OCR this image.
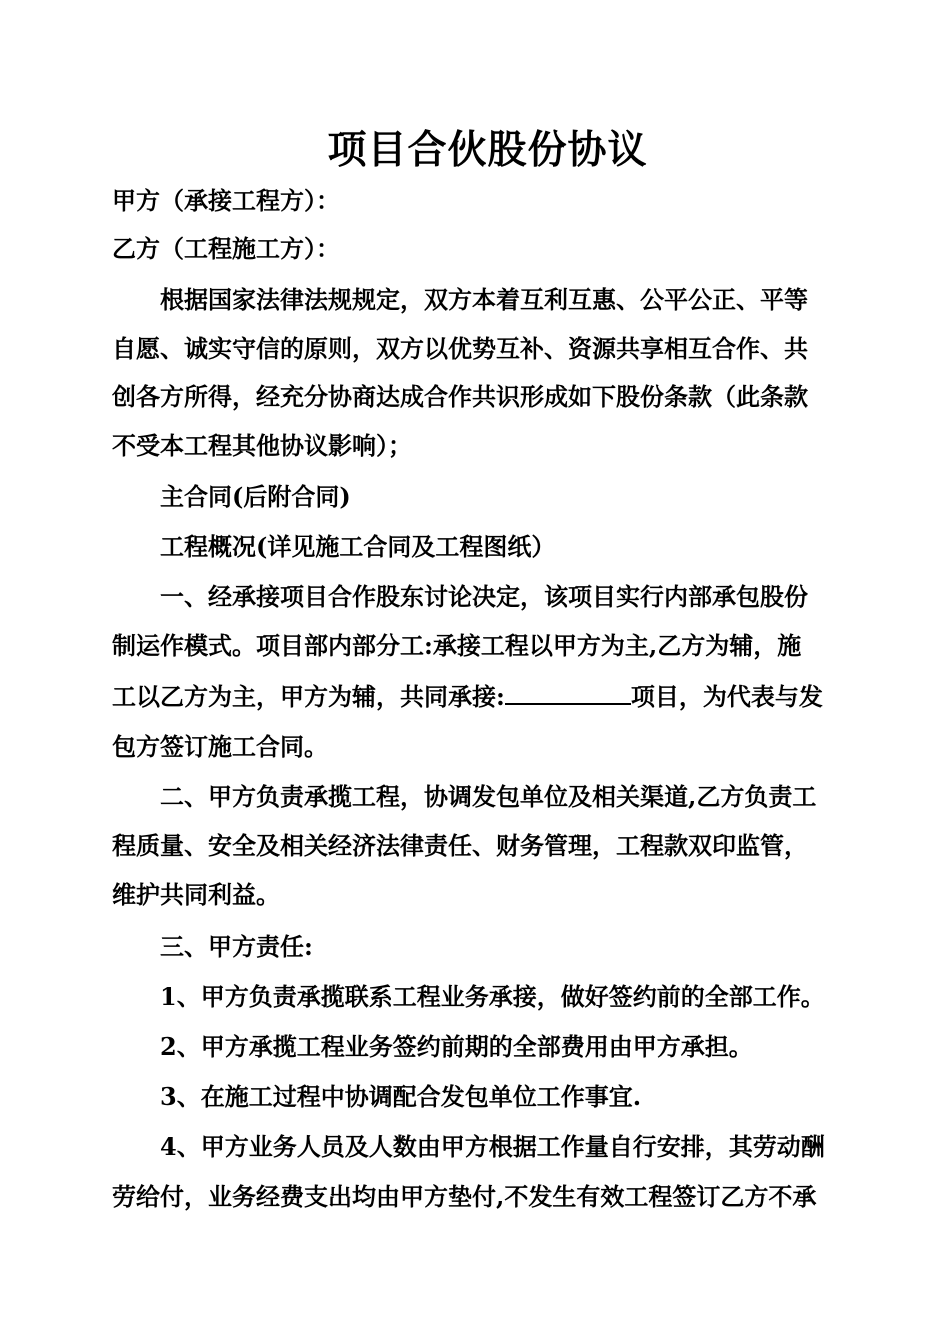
项目合伙股份协议
甲方（承接工程方）：
乙方（工程施工方）：
根据国家法律法规规定，双方本着互利互惠、公平公正、平等
自愿、诚实守信的原则，双方以优势互补、资源共享相互合作、共
创各方所得，经充分协商达成合作共识形成如下股份条款（此条款
不受本工程其他协议影响）；
主合同(后附合同)
工程概况(详见施工合同及工程图纸）
一、经承接项目合作股东讨论决定，该项目实行内部承包股份
制运作模式。项目部内部分工:承接工程以甲方为主,乙方为辅，施
工以乙方为主，甲方为辅，共同承接:	项目，为代表与发
包方签订施工合同。
二、甲方负责承揽工程，协调发包单位及相关渠道,乙方负责工
程质量、安全及相关经济法律责任、财务管理，工程款双印监管，
维护共同利益。
三、甲方责任:
1、甲方负责承揽联系工程业务承接，做好签约前的全部工作。
2、甲方承揽工程业务签约前期的全部费用由甲方承担。
3、在施工过程中协调配合发包单位工作事宜.
4、甲方业务人员及人数由甲方根据工作量自行安排，其劳动酬
劳给付，业务经费支出均由甲方垫付,不发生有效工程签订乙方不承
